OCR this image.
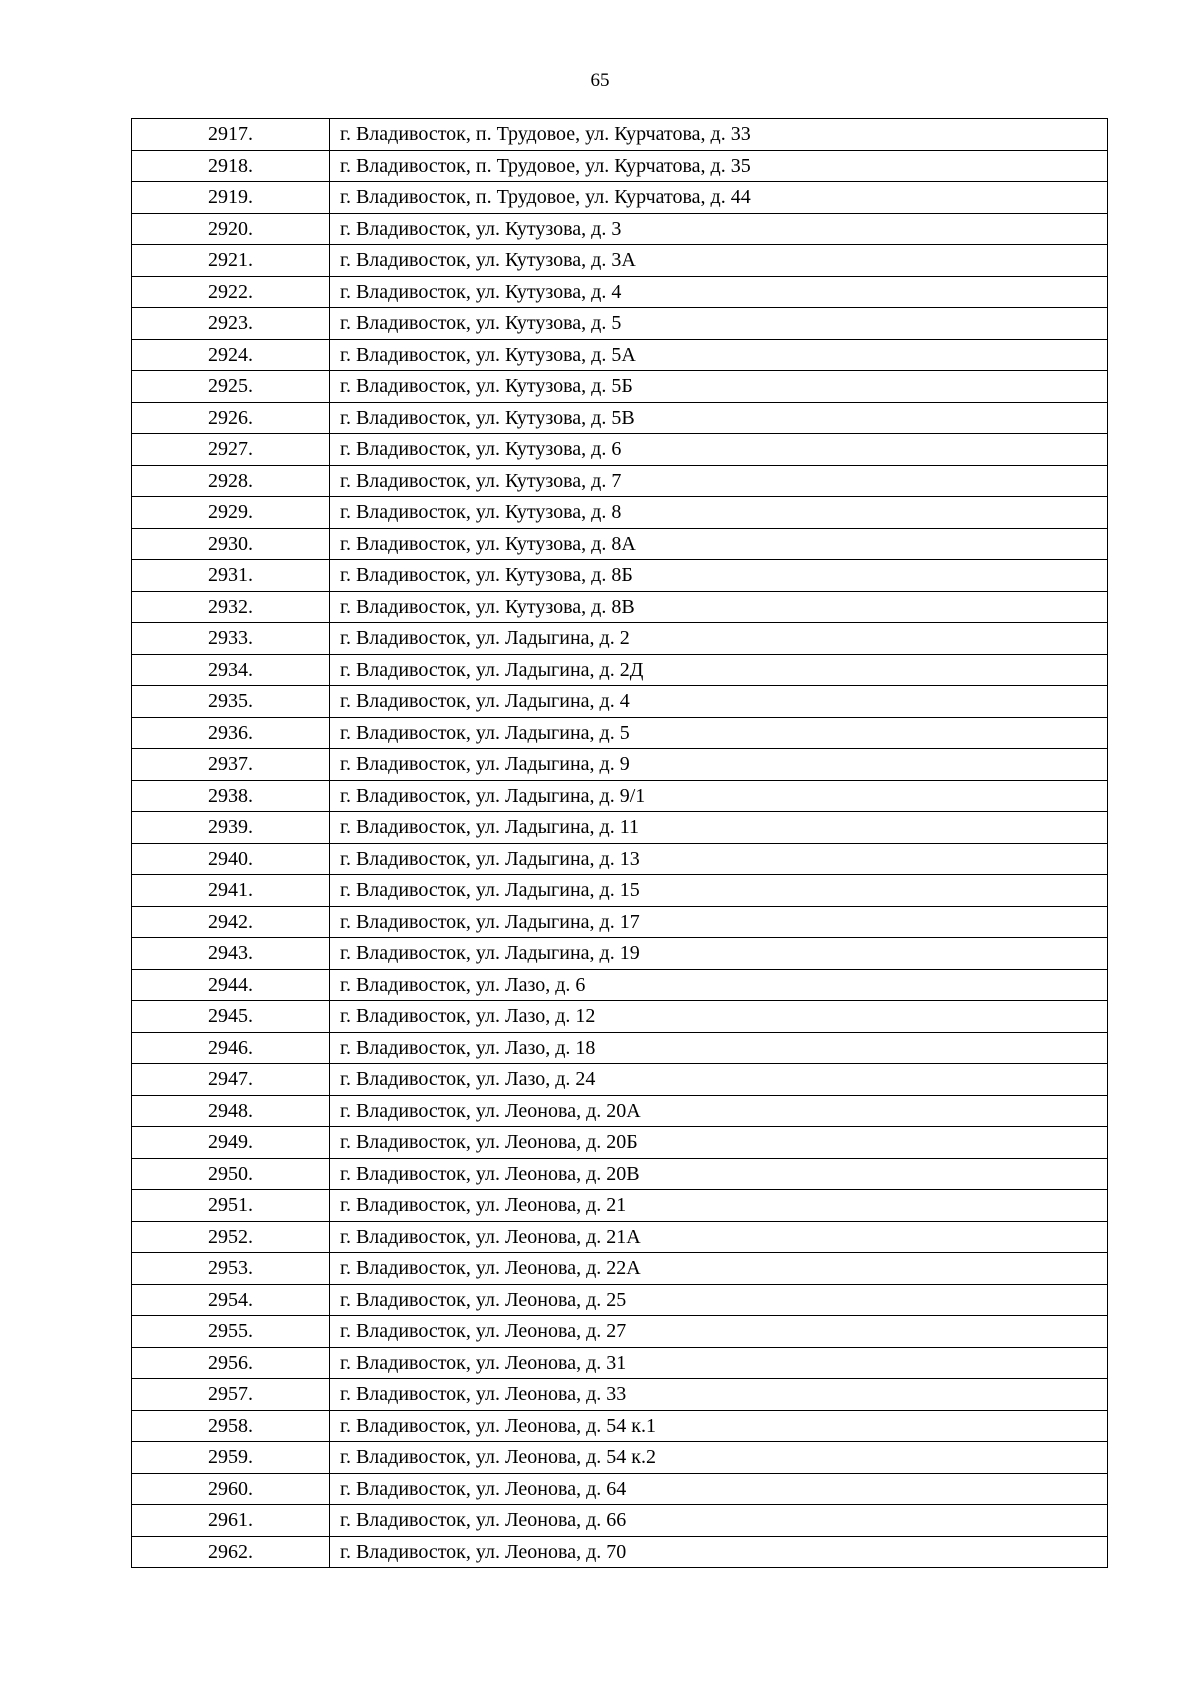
65
2917.	г. Владивосток, п. Трудовое, ул. Курчатова, д. 33
2918.	г. Владивосток, п. Трудовое, ул. Курчатова, д. 35
2919.	г. Владивосток, п. Трудовое, ул. Курчатова, д. 44
2920.	г. Владивосток, ул. Кутузова, д. 3
2921.	г. Владивосток, ул. Кутузова, д. 3А
2922.	г. Владивосток, ул. Кутузова, д. 4
2923.	г. Владивосток, ул. Кутузова, д. 5
2924.	г. Владивосток, ул. Кутузова, д. 5А
2925.	г. Владивосток, ул. Кутузова, д. 5Б
2926.	г. Владивосток, ул. Кутузова, д. 5В
2927.	г. Владивосток, ул. Кутузова, д. 6
2928.	г. Владивосток, ул. Кутузова, д. 7
2929.	г. Владивосток, ул. Кутузова, д. 8
2930.	г. Владивосток, ул. Кутузова, д. 8А
2931.	г. Владивосток, ул. Кутузова, д. 8Б
2932.	г. Владивосток, ул. Кутузова, д. 8В
2933.	г. Владивосток, ул. Ладыгина, д. 2
2934.	г. Владивосток, ул. Ладыгина, д. 2Д
2935.	г. Владивосток, ул. Ладыгина, д. 4
2936.	г. Владивосток, ул. Ладыгина, д. 5
2937.	г. Владивосток, ул. Ладыгина, д. 9
2938.	г. Владивосток, ул. Ладыгина, д. 9/1
2939.	г. Владивосток, ул. Ладыгина, д. 11
2940.	г. Владивосток, ул. Ладыгина, д. 13
2941.	г. Владивосток, ул. Ладыгина, д. 15
2942.	г. Владивосток, ул. Ладыгина, д. 17
2943.	г. Владивосток, ул. Ладыгина, д. 19
2944.	г. Владивосток, ул. Лазо, д. 6
2945.	г. Владивосток, ул. Лазо, д. 12
2946.	г. Владивосток, ул. Лазо, д. 18
2947.	г. Владивосток, ул. Лазо, д. 24
2948.	г. Владивосток, ул. Леонова, д. 20А
2949.	г. Владивосток, ул. Леонова, д. 20Б
2950.	г. Владивосток, ул. Леонова, д. 20В
2951.	г. Владивосток, ул. Леонова, д. 21
2952.	г. Владивосток, ул. Леонова, д. 21А
2953.	г. Владивосток, ул. Леонова, д. 22А
2954.	г. Владивосток, ул. Леонова, д. 25
2955.	г. Владивосток, ул. Леонова, д. 27
2956.	г. Владивосток, ул. Леонова, д. 31
2957.	г. Владивосток, ул. Леонова, д. 33
2958.	г. Владивосток, ул. Леонова, д. 54 к.1
2959.	г. Владивосток, ул. Леонова, д. 54 к.2
2960.	г. Владивосток, ул. Леонова, д. 64
2961.	г. Владивосток, ул. Леонова, д. 66
2962.	г. Владивосток, ул. Леонова, д. 70
